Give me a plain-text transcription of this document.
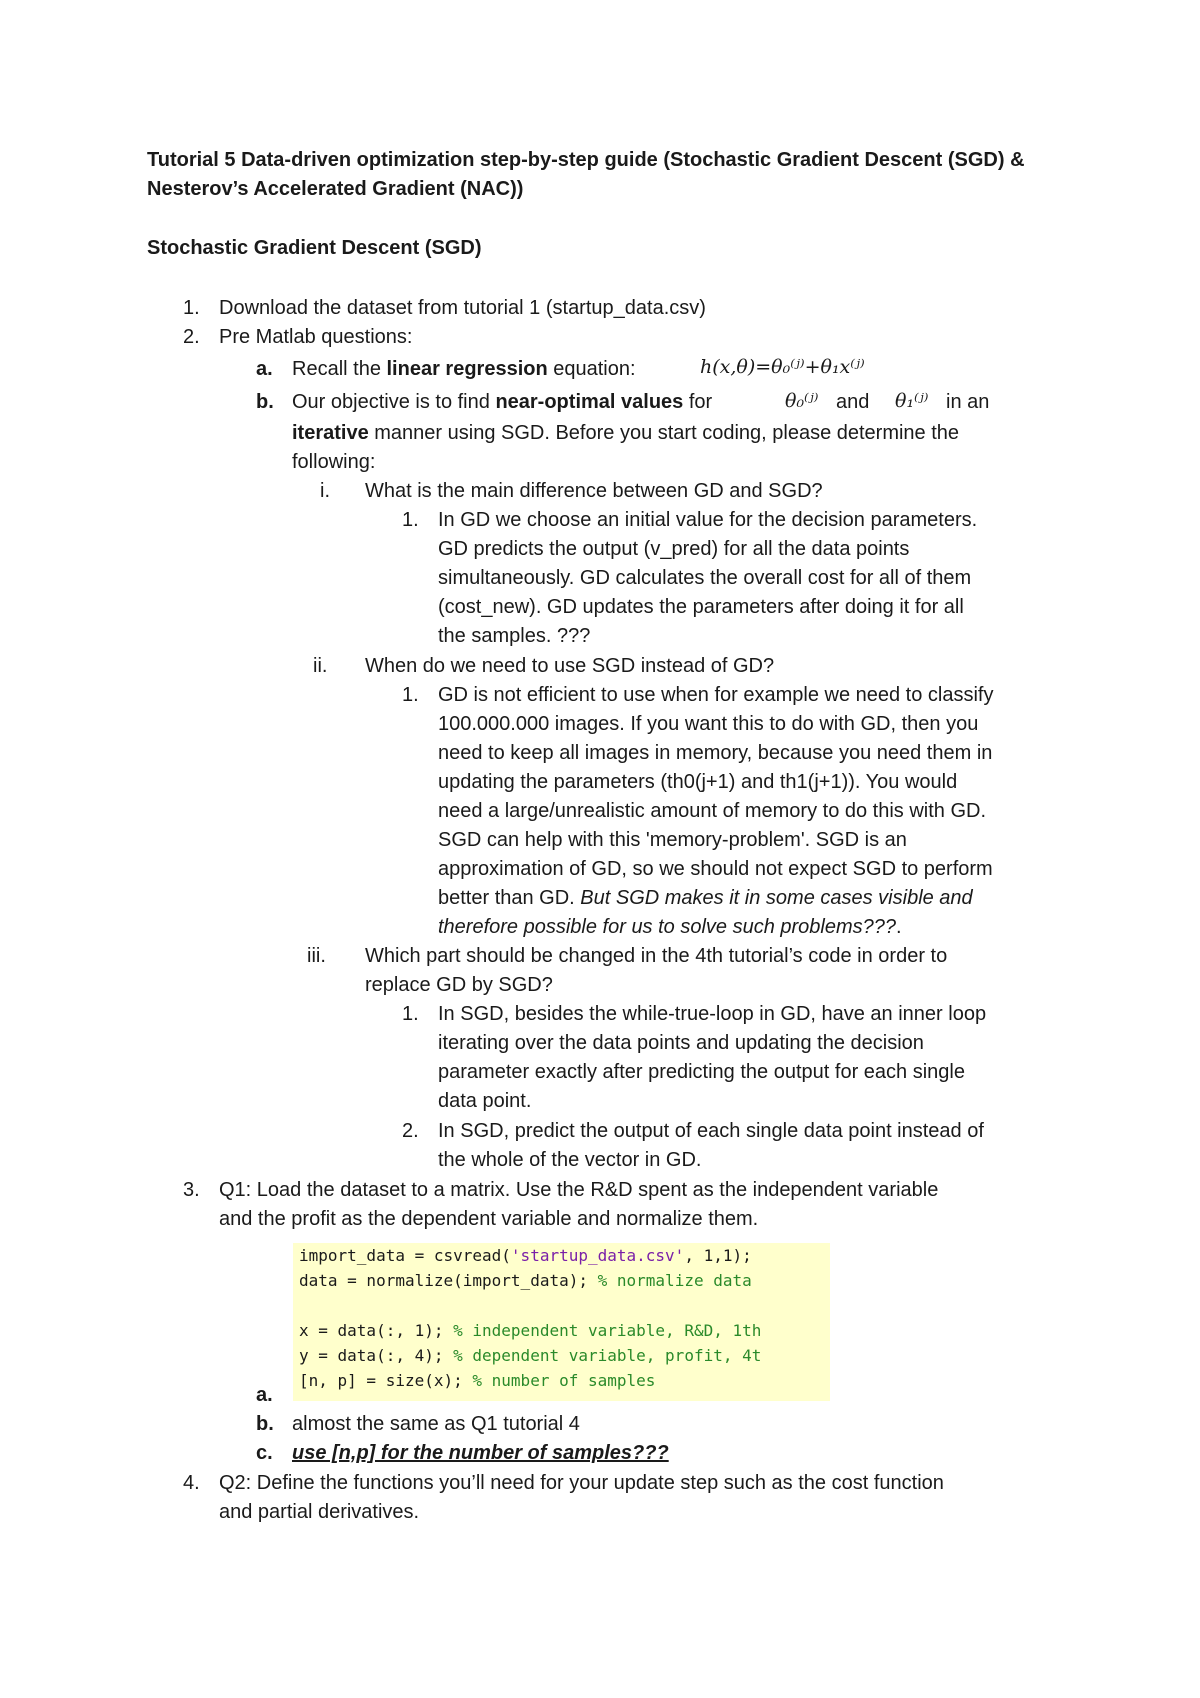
Tutorial 5 Data-driven optimization step-by-step guide (Stochastic Gradient Descent (SGD) & Nesterov’s Accelerated Gradient (NAC))
Stochastic Gradient Descent (SGD)
1. Download the dataset from tutorial 1 (startup_data.csv)
2. Pre Matlab questions:
a. Recall the linear regression equation:	h(x,θ)=θ₀⁽ʲ⁾+θ₁x⁽ʲ⁾
b. Our objective is to find near-optimal values for	θ₀⁽ʲ⁾ and θ₁⁽ʲ⁾ in an
iterative manner using SGD. Before you start coding, please determine the
following:
i. What is the main difference between GD and SGD?
1. In GD we choose an initial value for the decision parameters.
GD predicts the output (v_pred) for all the data points
simultaneously. GD calculates the overall cost for all of them
(cost_new). GD updates the parameters after doing it for all
the samples. ???
ii. When do we need to use SGD instead of GD?
1. GD is not efficient to use when for example we need to classify
100.000.000 images. If you want this to do with GD, then you
need to keep all images in memory, because you need them in
updating the parameters (th0(j+1) and th1(j+1)). You would
need a large/unrealistic amount of memory to do this with GD.
SGD can help with this 'memory-problem'. SGD is an
approximation of GD, so we should not expect SGD to perform
better than GD. But SGD makes it in some cases visible and
therefore possible for us to solve such problems???.
iii. Which part should be changed in the 4th tutorial’s code in order to
replace GD by SGD?
1. In SGD, besides the while-true-loop in GD, have an inner loop
iterating over the data points and updating the decision
parameter exactly after predicting the output for each single
data point.
2. In SGD, predict the output of each single data point instead of
the whole of the vector in GD.
3. Q1: Load the dataset to a matrix. Use the R&D spent as the independent variable
and the profit as the dependent variable and normalize them.
import_data = csvread('startup_data.csv', 1,1);
data = normalize(import_data); % normalize data

x = data(:, 1); % independent variable, R&D, 1th
y = data(:, 4); % dependent variable, profit, 4t
[n, p] = size(x); % number of samples
a.
b. almost the same as Q1 tutorial 4
c. use [n,p] for the number of samples???
4. Q2: Define the functions you’ll need for your update step such as the cost function
and partial derivatives.
